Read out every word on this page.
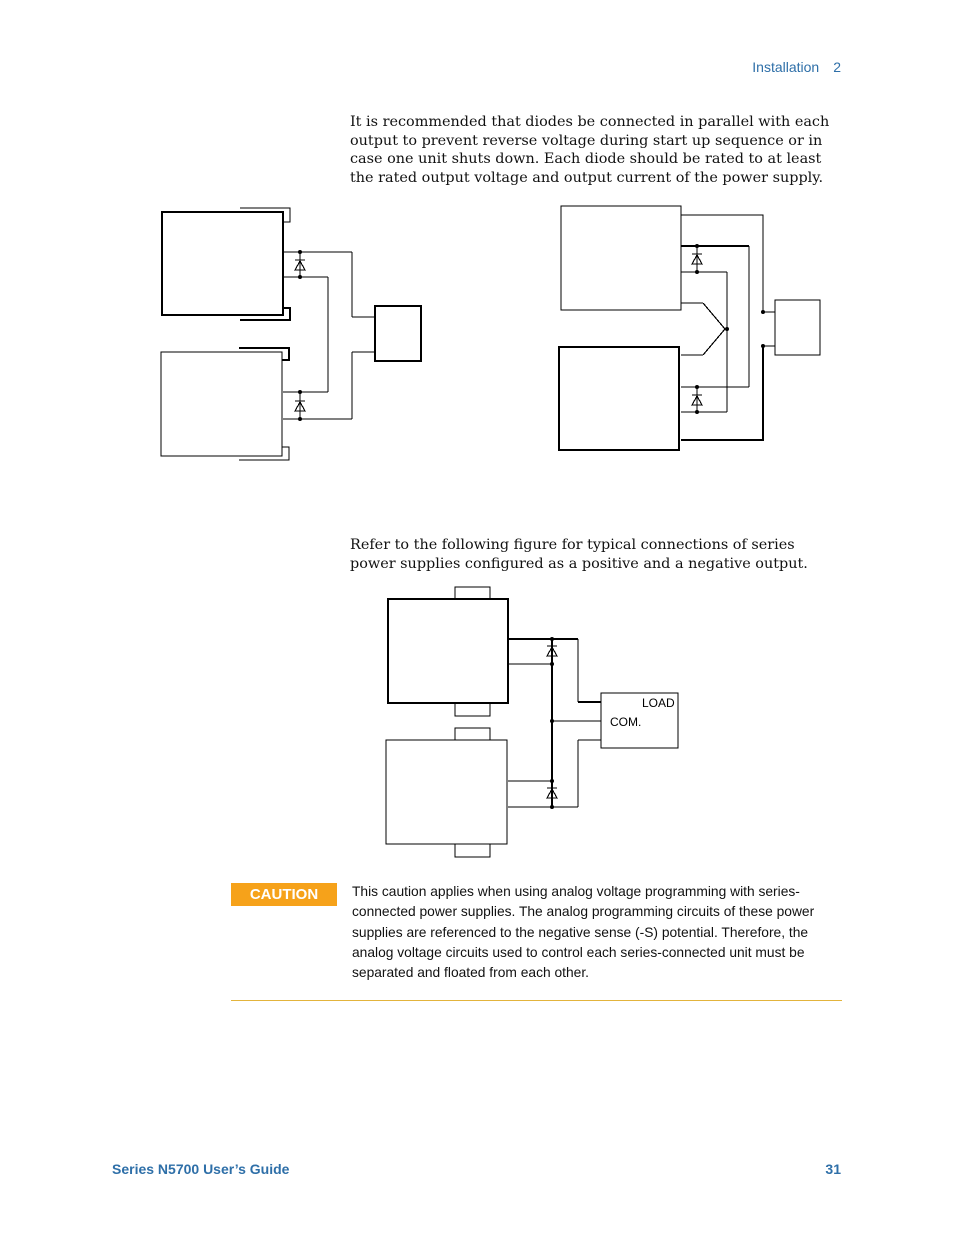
Installation 2

It is recommended that diodes be connected in parallel with each output to prevent reverse voltage during start up sequence or in case one unit shuts down. Each diode should be rated to at least the rated output voltage and output current of the power supply.

Refer to the following figure for typical connections of series power supplies configured as a positive and a negative output.

LOAD
COM.
CAUTION	This caution applies when using analog voltage programming with series-connected power supplies. The analog programming circuits of these power supplies are referenced to the negative sense (-S) potential. Therefore, the analog voltage circuits used to control each series-connected unit must be separated and floated from each other.

Series N5700 User’s Guide	31
